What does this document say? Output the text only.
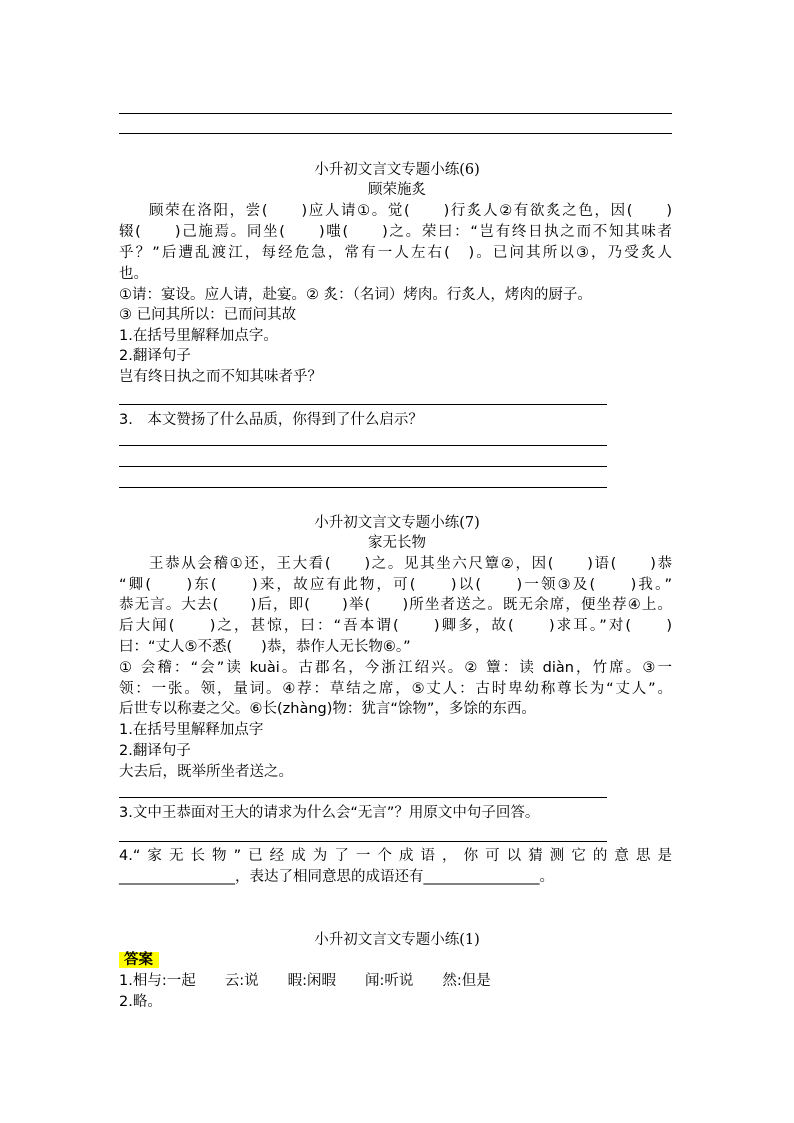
小升初文言文专题小练(6)
顾荣施炙
顾荣在洛阳，尝(　　)应人请①。觉(　　)行炙人②有欲炙之色，因(　　)
辍(　　)己施焉。同坐(　　)嗤(　　)之。荣曰：“岂有终日执之而不知其味者
乎？”后遭乱渡江，每经危急，常有一人左右(　)。已问其所以③，乃受炙人
也。
①请：宴设。应人请，赴宴。② 炙：（名词）烤肉。行炙人，烤肉的厨子。
③ 已问其所以：已而问其故
1.在括号里解释加点字。
2.翻译句子
岂有终日执之而不知其味者乎？
3.　本文赞扬了什么品质，你得到了什么启示？
小升初文言文专题小练(7)
家无长物
王恭从会稽①还，王大看(　　)之。见其坐六尺簟②，因(　　)语(　　)恭
“卿(　　)东(　　)来，故应有此物，可(　　)以(　　)一领③及(　　)我。”
恭无言。大去(　　)后，即(　　)举(　　)所坐者送之。既无余席，便坐荐④上。
后大闻(　　)之，甚惊，曰：“吾本谓(　　)卿多，故(　　)求耳。”对(　　)
曰：“丈人⑤不悉(　　)恭，恭作人无长物⑥。”
① 会稽：“会”读 kuài。古郡名，今浙江绍兴。② 簟：读 diàn，竹席。③一
领：一张。领，量词。④荐：草结之席，⑤丈人：古时卑幼称尊长为“丈人”。
后世专以称妻之父。⑥长(zhàng)物：犹言“馀物”，多馀的东西。
1.在括号里解释加点字
2.翻译句子
大去后，既举所坐者送之。
3.文中王恭面对王大的请求为什么会“无言”？用原文中句子回答。
4.“家无长物”已经成为了一个成语，你可以猜测它的意思是
________________，表达了相同意思的成语还有________________。
小升初文言文专题小练(1)
答案
1.相与:一起　　云:说　　暇:闲暇　　闻:听说　　然:但是
2.略。
